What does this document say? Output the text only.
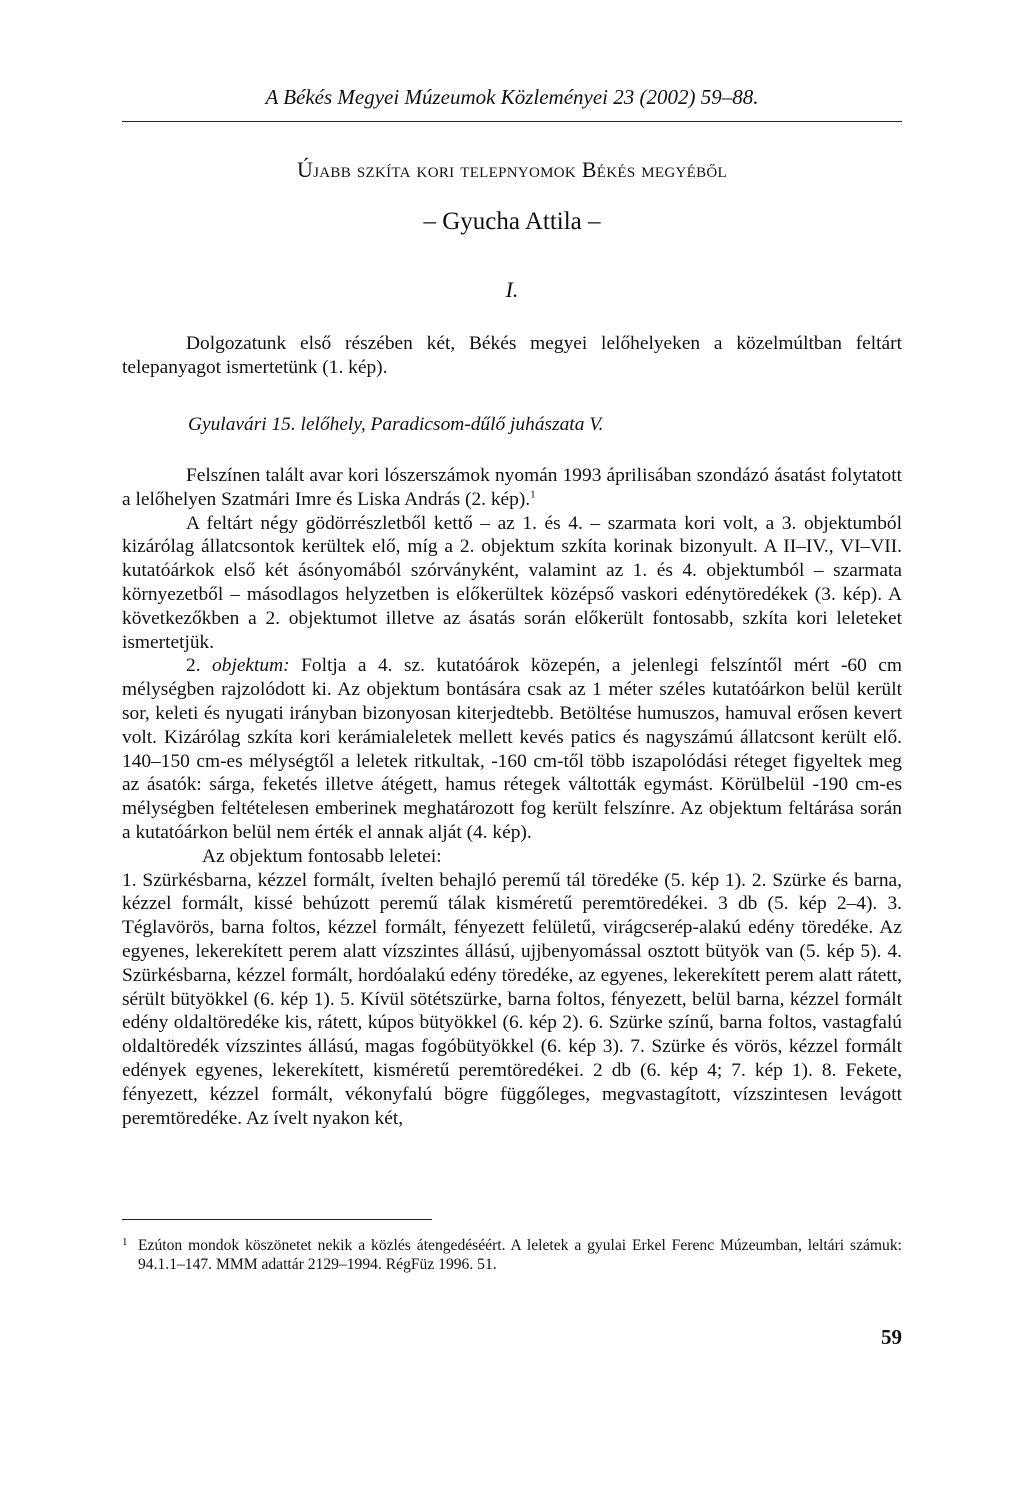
A Békés Megyei Múzeumok Közleményei 23 (2002) 59–88.
Újabb szkíta kori telepnyomok Békés megyéből
– Gyucha Attila –
I.

Dolgozatunk első részében két, Békés megyei lelőhelyeken a közelmúltban feltárt telepanyagot ismertetünk (1. kép).

Gyulavári 15. lelőhely, Paradicsom-dűlő juhászata V.

Felszínen talált avar kori lószerszámok nyomán 1993 áprilisában szondázó ásatást folytatott a lelőhelyen Szatmári Imre és Liska András (2. kép).$^1$

A feltárt négy gödörrészletből kettő – az 1. és 4. – szarmata kori volt, a 3. objektumból kizárólag állatcsontok kerültek elő, míg a 2. objektum szkíta korinak bizonyult. A II–IV., VI–VII. kutatóárkok első két ásónyomából szórványként, valamint az 1. és 4. objektumból – szarmata környezetből – másodlagos helyzetben is előkerültek középső vaskori edénytöredékek (3. kép). A következőkben a 2. objektumot illetve az ásatás során előkerült fontosabb, szkíta kori leleteket ismertetjük.

2. objektum: Foltja a 4. sz. kutatóárok közepén, a jelenlegi felszíntől mért -60 cm mélységben rajzolódott ki. Az objektum bontására csak az 1 méter széles kutatóárkon belül került sor, keleti és nyugati irányban bizonyosan kiterjedtebb. Betöltése humuszos, hamuval erősen kevert volt. Kizárólag szkíta kori kerámialeletek mellett kevés patics és nagyszámú állatcsont került elő. 140–150 cm-es mélységtől a leletek ritkultak, -160 cm-től több iszapolódási réteget figyeltek meg az ásatók: sárga, feketés illetve átégett, hamus rétegek váltották egymást. Körülbelül -190 cm-es mélységben feltételesen emberinek meghatározott fog került felszínre. Az objektum feltárása során a kutatóárkon belül nem érték el annak alját (4. kép).

Az objektum fontosabb leletei:

1. Szürkésbarna, kézzel formált, ívelten behajló peremű tál töredéke (5. kép 1). 2. Szürke és barna, kézzel formált, kissé behúzott peremű tálak kisméretű peremtöredékei. 3 db (5. kép 2–4). 3. Téglavörös, barna foltos, kézzel formált, fényezett felületű, virágcserép-alakú edény töredéke. Az egyenes, lekerekített perem alatt vízszintes állású, ujjbenyomással osztott bütyök van (5. kép 5). 4. Szürkésbarna, kézzel formált, hordóalakú edény töredéke, az egyenes, lekerekített perem alatt rátett, sérült bütyökkel (6. kép 1). 5. Kívül sötétszürke, barna foltos, fényezett, belül barna, kézzel formált edény oldaltöredéke kis, rátett, kúpos bütyökkel (6. kép 2). 6. Szürke színű, barna foltos, vastagfalú oldaltöredék vízszintes állású, magas fogóbütyökkel (6. kép 3). 7. Szürke és vörös, kézzel formált edények egyenes, lekerekített, kisméretű peremtöredékei. 2 db (6. kép 4; 7. kép 1). 8. Fekete, fényezett, kézzel formált, vékonyfalú bögre függőleges, megvastagított, vízszintesen levágott peremtöredéke. Az ívelt nyakon két,

1 Ezúton mondok köszönetet nekik a közlés átengedéséért. A leletek a gyulai Erkel Ferenc Múzeumban, leltári számuk: 94.1.1–147. MMM adattár 2129–1994. RégFüz 1996. 51.
59
